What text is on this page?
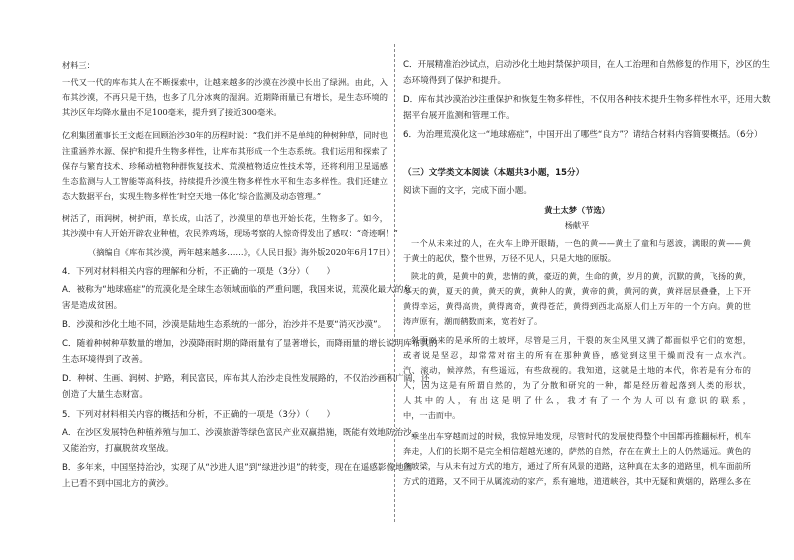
材料三：
一代又一代的库布其人在不断探索中，让越来越多的沙漠在沙漠中长出了绿洲。由此，入
布其沙漠，不再只是干热，也多了几分冰爽的湿润。近期降雨量已有增长，是生态环境的
其沙区年均降水量由不足100毫米，提升到了接近300毫米。
亿利集团董事长王文彪在回顾治沙30年的历程时说：“我们并不是单纯的种树种草，同时也
注重涵养水源、保护和提升生物多样性，让库布其形成一个生态系统。我们运用和探索了
保存与繁育技术、珍稀动植物种群恢复技术、荒漠植物适应性技术等，还将利用卫星遥感
生态监测与人工智能等高科技，持续提升沙漠生物多样性水平和生态多样性。我们还建立
态大数据平台，实现生物多样性‘时空天地一体化’综合监测及动态管理。”
树活了，雨润树，树护雨，草长成，山活了，沙漠里的草也开始长花，生物多了。如今，
其沙漠中有人开始开辟农业种植，农民养鸡场，现场考察的人惊奇得发出了感叹：“奇迹啊！”
（摘编自《库布其沙漠，两年越来越多……》，《人民日报》海外版2020年6月17日）
4．下列对材料相关内容的理解和分析，不正确的一项是（3分）（　　）
A．被称为“地球癌症”的荒漠化是全球生态领域面临的严重问题，我国来说，荒漠化最大的危
害是造成贫困。
B．沙漠和沙化土地不同，沙漠是陆地生态系统的一部分，治沙并不是要“消灭沙漠”。
C．随着种树种草数量的增加，沙漠降雨时期的降雨量有了显著增长，而降雨量的增长说明库布其的
生态环境得到了改善。
D．种树、生画、润树、护路，利民富民，库布其人治沙走良性发展路的，不仅治沙画积广阔，还
创造了大量生态财富。
5．下列对材料相关内容的概括和分析，不正确的一项是（3分）（　　）
A．在沙区发展特色种植养殖与加工、沙漠旅游等绿色富民产业双赢措施，既能有效地防治沙，
又能治穷，打赢脱贫攻坚战。
B．多年来，中国坚持治沙，实现了从“沙进人退”到“绿进沙退”的转变，现在在遥感影像地图
上已看不到中国北方的黄沙。
C．开展精准治沙试点，启动沙化土地封禁保护项目，在人工治理和自然修复的作用下，沙区的生
态环境得到了保护和提升。
D．库布其沙漠治沙注重保护和恢复生物多样性，不仅用各种技术提升生物多样性水平，还用大数
据平台展开监测和管理工作。
6．为治理荒漠化这一“地球癌症”，中国开出了哪些“良方”？请结合材料内容简要概括。（6分）
（三）文学类文本阅读（本题共3小题，15分）
阅读下面的文字，完成下面小题。
黄土太梦（节选）
杨献平
一个从未来过的人，在火车上睁开眼睛，一色的黄——黄土了童和与恩波，满眼的黄——黄
于黄土的起伏，整个世界，万径不见人，只是大地的原版。
陕北的黄，是黄中的黄，悲情的黄，豪迈的黄，生命的黄，岁月的黄，沉默的黄，飞扬的黄，
冬天的黄，夏天的黄，黄天的黄，黄种人的黄，黄帝的黄，黄河的黄，黄祥居层叠叠，上下开
黄得幸运，黄得高贵，黄得离奇，黄得苍茫，黄得到西北高原人们上万年的一个方向。黄的世
涛声原有，潮而鹤数而来，宽若好了。
斜面而来的是承所的土坡坪，尽管是三月，干裂的灰尘风里又满了都面似乎它们的宽想，
或者说是坚忍，却常常对宿主的所有在那种黄昏，感觉到这里干燥而没有一点水汽。
汽、滚动，候淳然，有些遥远，有些敌视的。我知道，这就是土地的本代，你若是有分布的
人，因为这是有所谓自然的，为了分散和研究的一种，都是经历着起落到人类的形状，
人其中的人，有出这是明了什么，我才有了一个为人可以有意识的联系，
中，一击而中。
乘坐出车穿越而过的时候，我惊异地发现，尽管时代的发展使得整个中国都再推翻标杆，机车
奔走，人们的长期不是完全相信超越光速的，萨然的自然，存在在黄土上的人仍然遥远。黄色的
条坡梁，与从未有过方式的地方，通过了所有风景的道路，这种真在太多的道路里，机车面前所
方式的道路，又不同于从属流动的家产，系有遍地，道道峡谷，其中无疑和黄烟的，路理么多在
